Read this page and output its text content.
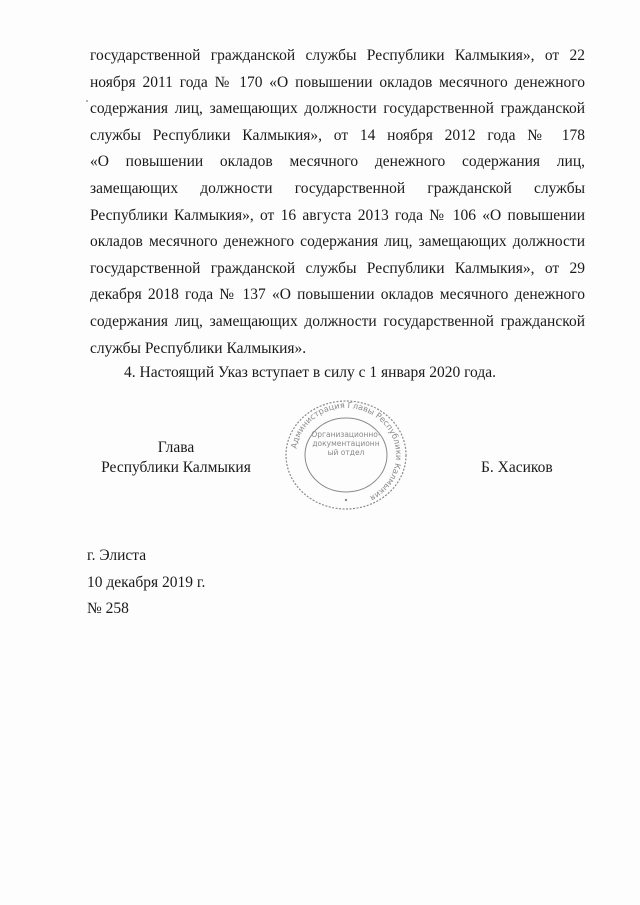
государственной гражданской службы Республики Калмыкия», от 22
ноября 2011 года № 170 «О повышении окладов месячного денежного
содержания лиц, замещающих должности государственной гражданской
службы Республики Калмыкия», от 14 ноября 2012 года № 178
«О повышении окладов месячного денежного содержания лиц,
замещающих должности государственной гражданской службы
Республики Калмыкия», от 16 августа 2013 года № 106 «О повышении
окладов месячного денежного содержания лиц, замещающих должности
государственной гражданской службы Республики Калмыкия», от 29
декабря 2018 года № 137 «О повышении окладов месячного денежного
содержания лиц, замещающих должности государственной гражданской
службы Республики Калмыкия».
4. Настоящий Указ вступает в силу с 1 января 2020 года.
Глава
Республики Калмыкия
Администрация Главы Республики Калмыкия
Организационно-документационный отдел
Б. Хасиков
г. Элиста
10 декабря 2019 г.
№ 258
